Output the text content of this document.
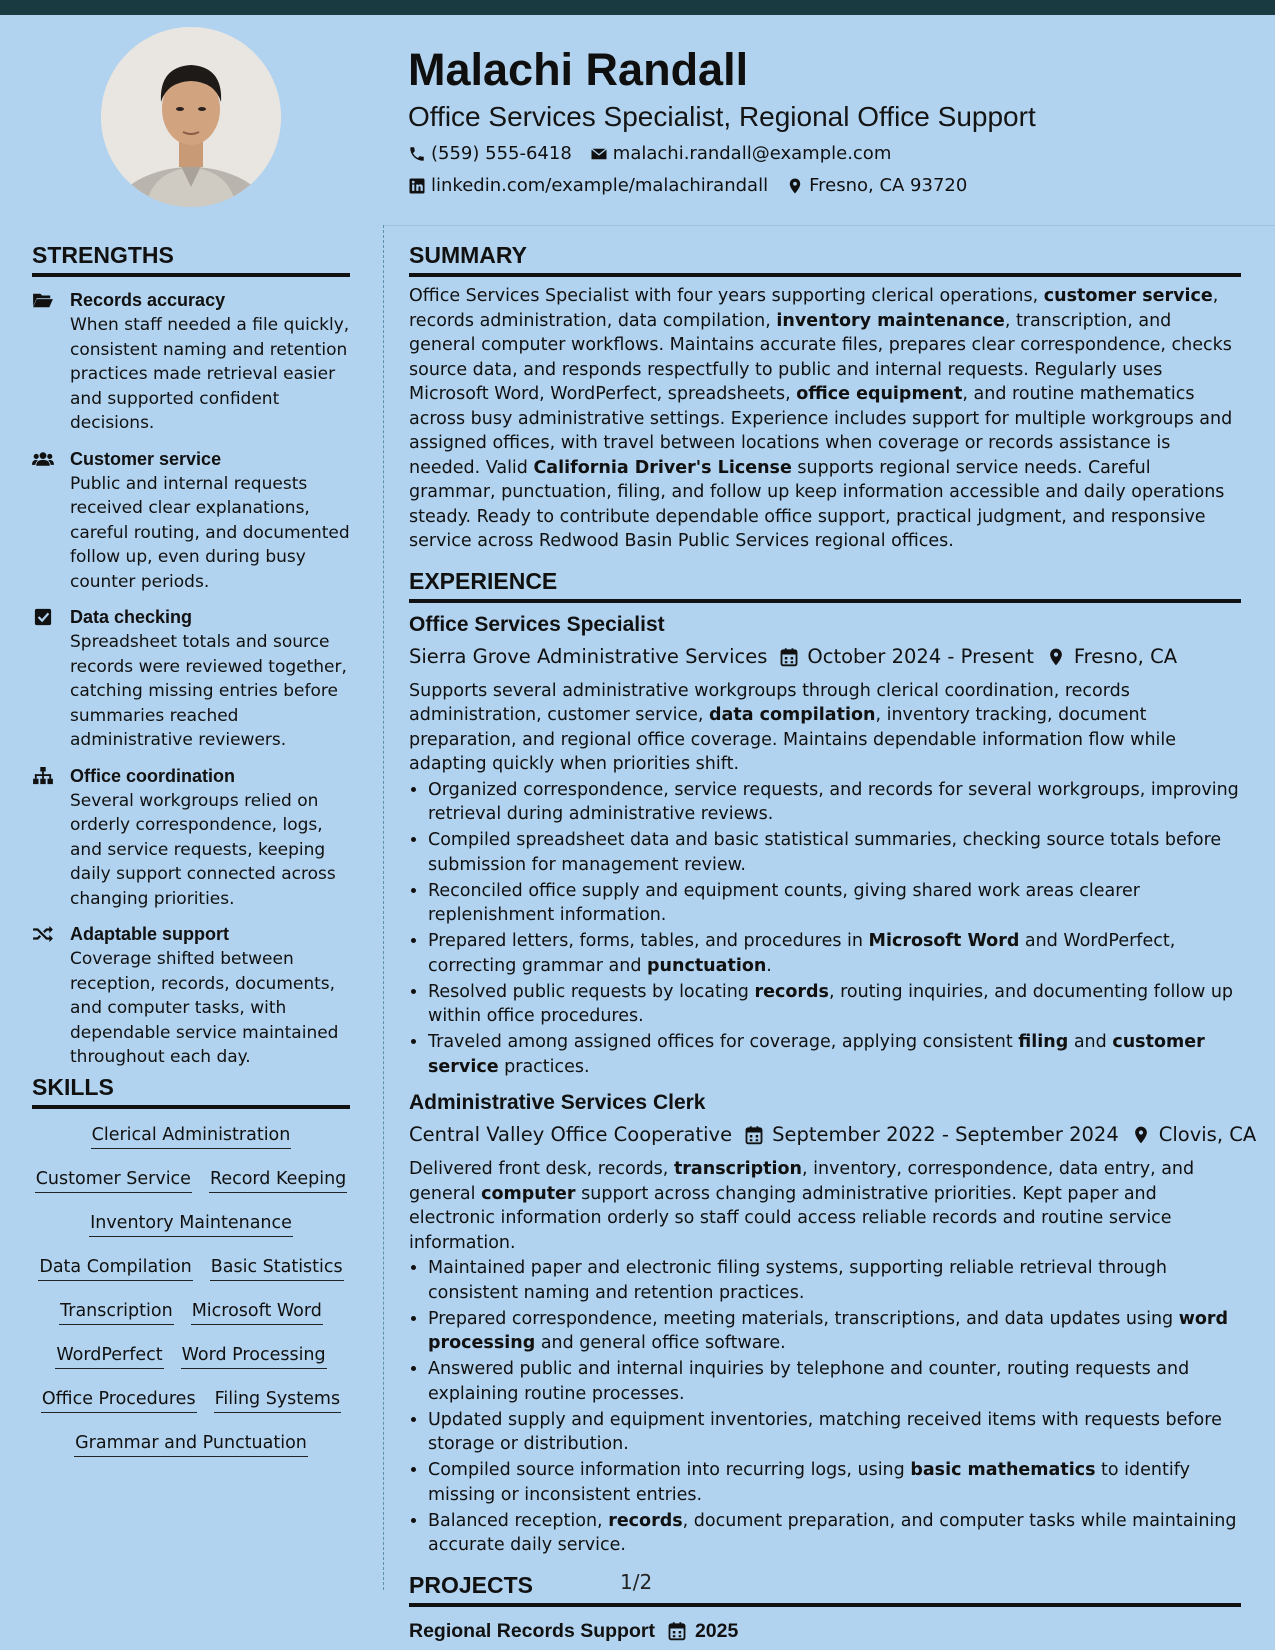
Malachi Randall
Office Services Specialist, Regional Office Support
(559) 555-6418 malachi.randall@example.com
linkedin.com/example/malachirandall Fresno, CA 93720
STRENGTHS
Records accuracy
When staff needed a file quickly, consistent naming and retention practices made retrieval easier and supported confident decisions.
Customer service
Public and internal requests received clear explanations, careful routing, and documented follow up, even during busy counter periods.
Data checking
Spreadsheet totals and source records were reviewed together, catching missing entries before summaries reached administrative reviewers.
Office coordination
Several workgroups relied on orderly correspondence, logs, and service requests, keeping daily support connected across changing priorities.
Adaptable support
Coverage shifted between reception, records, documents, and computer tasks, with dependable service maintained throughout each day.
SKILLS
Clerical Administration
Customer Service Record Keeping
Inventory Maintenance
Data Compilation Basic Statistics
Transcription Microsoft Word
WordPerfect Word Processing
Office Procedures Filing Systems
Grammar and Punctuation
SUMMARY
Office Services Specialist with four years supporting clerical operations, customer service, records administration, data compilation, inventory maintenance, transcription, and general computer workflows. Maintains accurate files, prepares clear correspondence, checks source data, and responds respectfully to public and internal requests. Regularly uses Microsoft Word, WordPerfect, spreadsheets, office equipment, and routine mathematics across busy administrative settings. Experience includes support for multiple workgroups and assigned offices, with travel between locations when coverage or records assistance is needed. Valid California Driver's License supports regional service needs. Careful grammar, punctuation, filing, and follow up keep information accessible and daily operations steady. Ready to contribute dependable office support, practical judgment, and responsive service across Redwood Basin Public Services regional offices.
EXPERIENCE
Office Services Specialist
Sierra Grove Administrative Services October 2024 - Present Fresno, CA
Supports several administrative workgroups through clerical coordination, records administration, customer service, data compilation, inventory tracking, document preparation, and regional office coverage. Maintains dependable information flow while adapting quickly when priorities shift.
• Organized correspondence, service requests, and records for several workgroups, improving retrieval during administrative reviews.
• Compiled spreadsheet data and basic statistical summaries, checking source totals before submission for management review.
• Reconciled office supply and equipment counts, giving shared work areas clearer replenishment information.
• Prepared letters, forms, tables, and procedures in Microsoft Word and WordPerfect, correcting grammar and punctuation.
• Resolved public requests by locating records, routing inquiries, and documenting follow up within office procedures.
• Traveled among assigned offices for coverage, applying consistent filing and customer service practices.
Administrative Services Clerk
Central Valley Office Cooperative September 2022 - September 2024 Clovis, CA
Delivered front desk, records, transcription, inventory, correspondence, data entry, and general computer support across changing administrative priorities. Kept paper and electronic information orderly so staff could access reliable records and routine service information.
• Maintained paper and electronic filing systems, supporting reliable retrieval through consistent naming and retention practices.
• Prepared correspondence, meeting materials, transcriptions, and data updates using word processing and general office software.
• Answered public and internal inquiries by telephone and counter, routing requests and explaining routine processes.
• Updated supply and equipment inventories, matching received items with requests before storage or distribution.
• Compiled source information into recurring logs, using basic mathematics to identify missing or inconsistent entries.
• Balanced reception, records, document preparation, and computer tasks while maintaining accurate daily service.
PROJECTS
Regional Records Support 2025
1/2
